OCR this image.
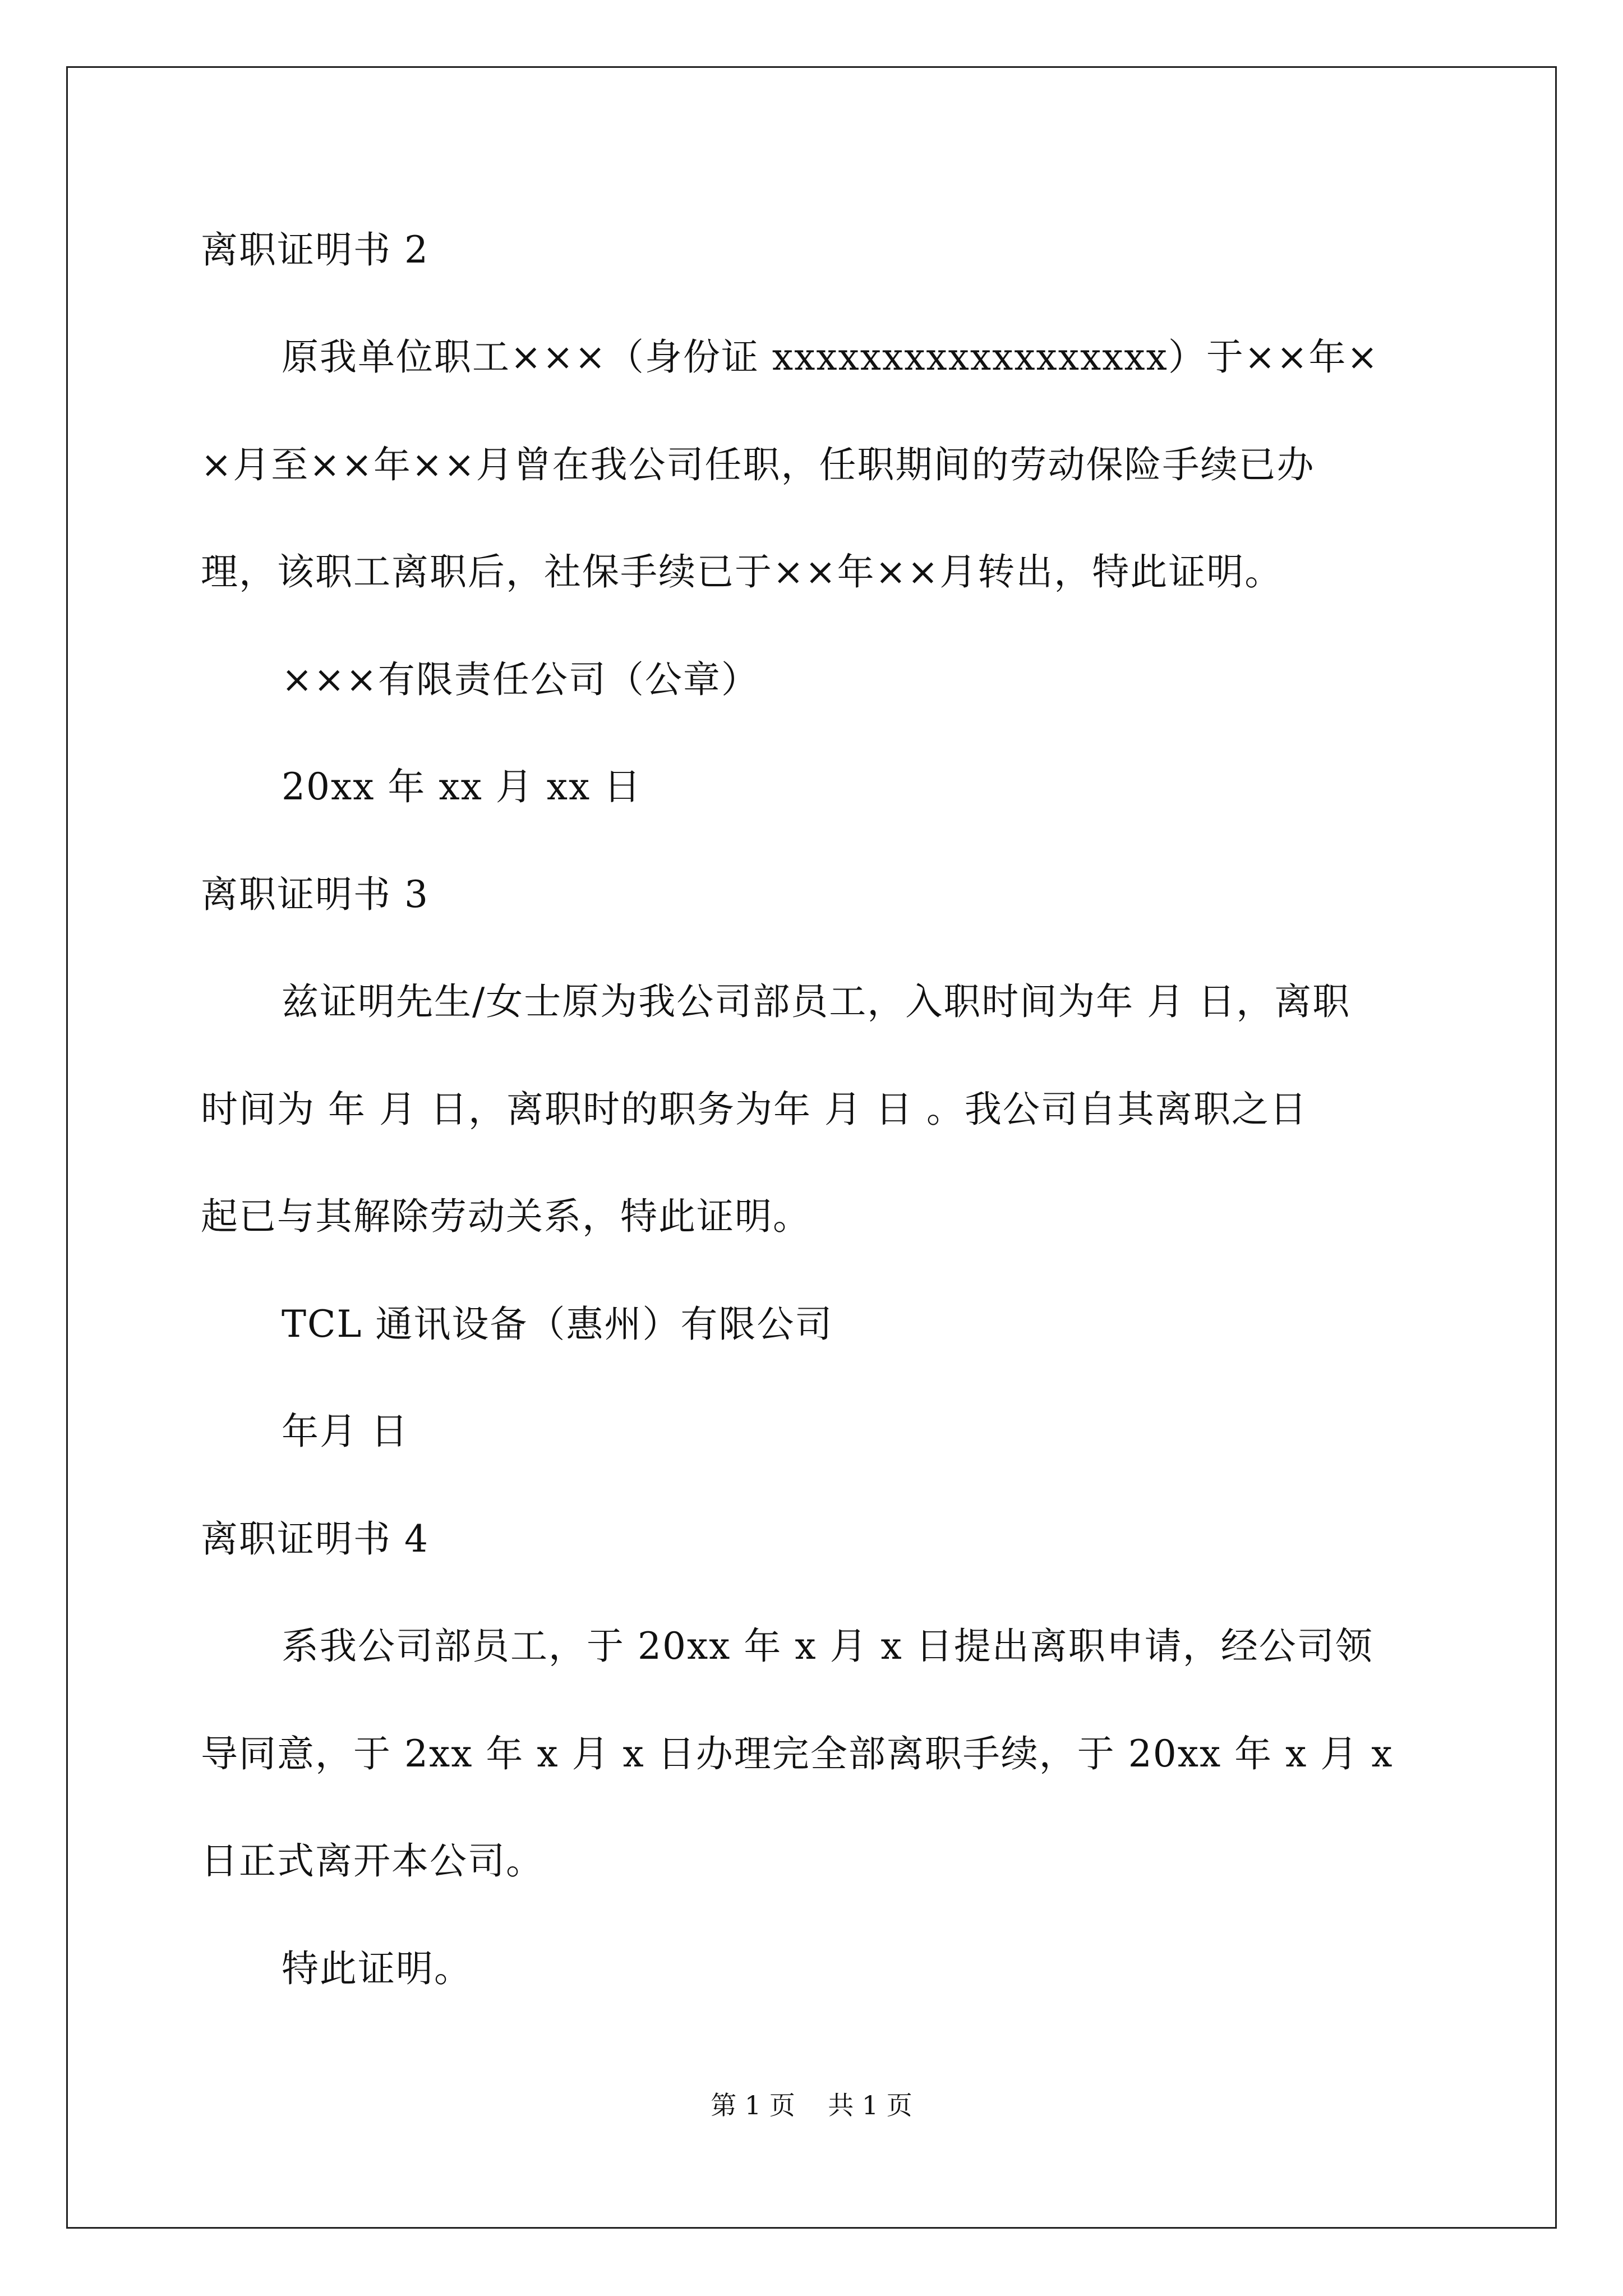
离职证明书 2
原我单位职工×××（身份证 xxxxxxxxxxxxxxxxxx）于××年×
×月至××年××月曾在我公司任职，任职期间的劳动保险手续已办
理，该职工离职后，社保手续已于××年××月转出，特此证明。
×××有限责任公司（公章）
20xx 年 xx 月 xx 日
离职证明书 3
兹证明先生/女士原为我公司部员工，入职时间为年 月 日，离职
时间为 年 月 日，离职时的职务为年 月 日 。我公司自其离职之日
起已与其解除劳动关系，特此证明。
TCL 通讯设备（惠州）有限公司
年月 日
离职证明书 4
系我公司部员工，于 20xx 年 x 月 x 日提出离职申请，经公司领
导同意，于 2xx 年 x 月 x 日办理完全部离职手续，于 20xx 年 x 月 x
日正式离开本公司。
特此证明。
第 1 页    共 1 页
